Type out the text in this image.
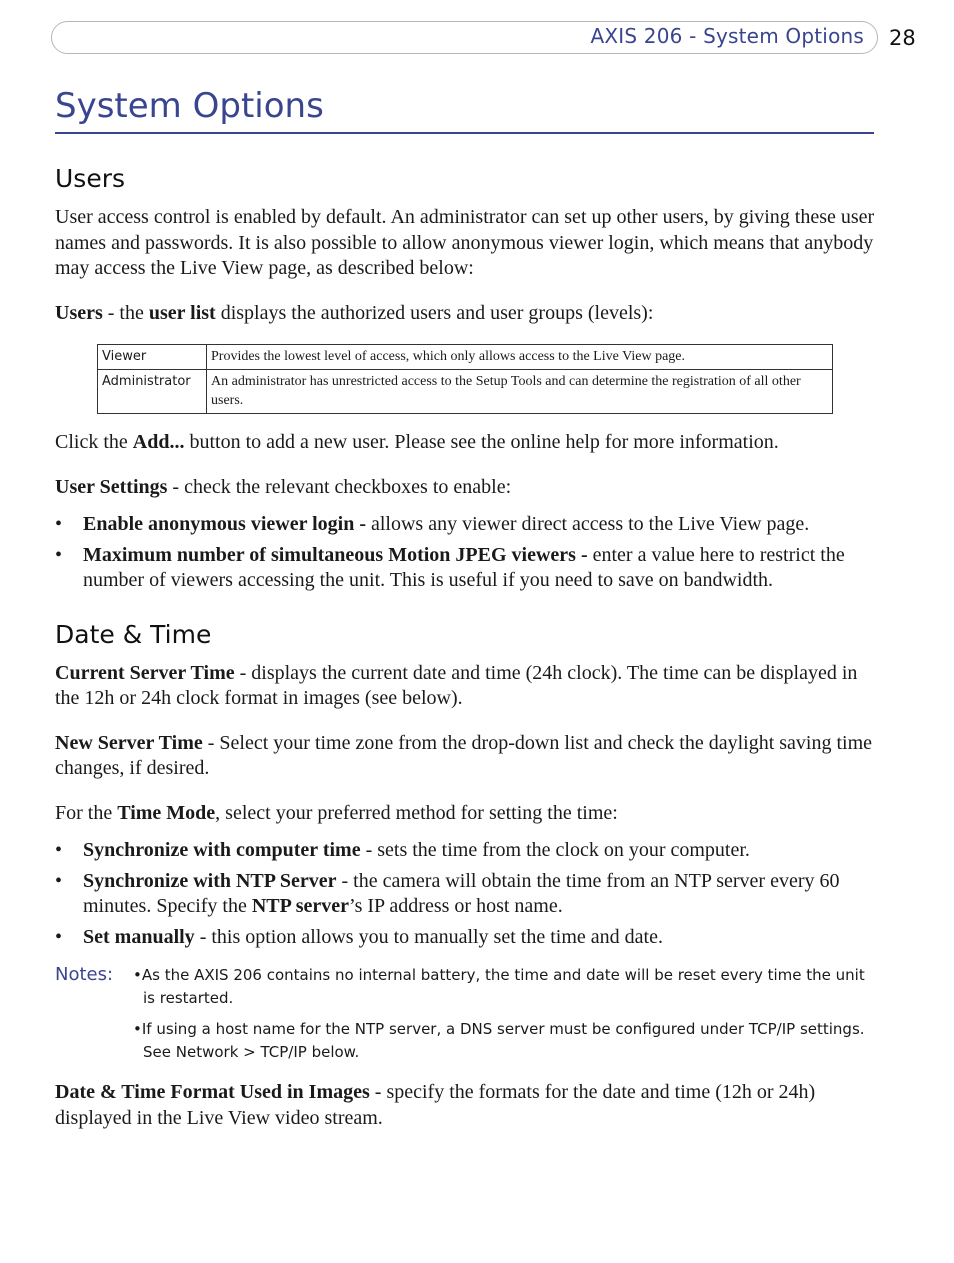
AXIS 206 - System Options 28
System Options
Users

User access control is enabled by default. An administrator can set up other users, by giving these user names and passwords. It is also possible to allow anonymous viewer login, which means that anybody may access the Live View page, as described below:

Users - the user list displays the authorized users and user groups (levels):

Viewer	Provides the lowest level of access, which only allows access to the Live View page.
Administrator	An administrator has unrestricted access to the Setup Tools and can determine the registration of all other users.

Click the Add... button to add a new user. Please see the online help for more information.

User Settings - check the relevant checkboxes to enable:

• Enable anonymous viewer login - allows any viewer direct access to the Live View page.
• Maximum number of simultaneous Motion JPEG viewers - enter a value here to restrict the number of viewers accessing the unit. This is useful if you need to save on bandwidth.
Date & Time

Current Server Time - displays the current date and time (24h clock). The time can be displayed in the 12h or 24h clock format in images (see below).

New Server Time - Select your time zone from the drop-down list and check the daylight saving time changes, if desired.

For the Time Mode, select your preferred method for setting the time:

• Synchronize with computer time - sets the time from the clock on your computer.
• Synchronize with NTP Server - the camera will obtain the time from an NTP server every 60 minutes. Specify the NTP server’s IP address or host name.
• Set manually - this option allows you to manually set the time and date.
Notes: •As the AXIS 206 contains no internal battery, the time and date will be reset every time the unit is restarted.
•If using a host name for the NTP server, a DNS server must be configured under TCP/IP settings. See Network > TCP/IP below.

Date & Time Format Used in Images - specify the formats for the date and time (12h or 24h) displayed in the Live View video stream.
